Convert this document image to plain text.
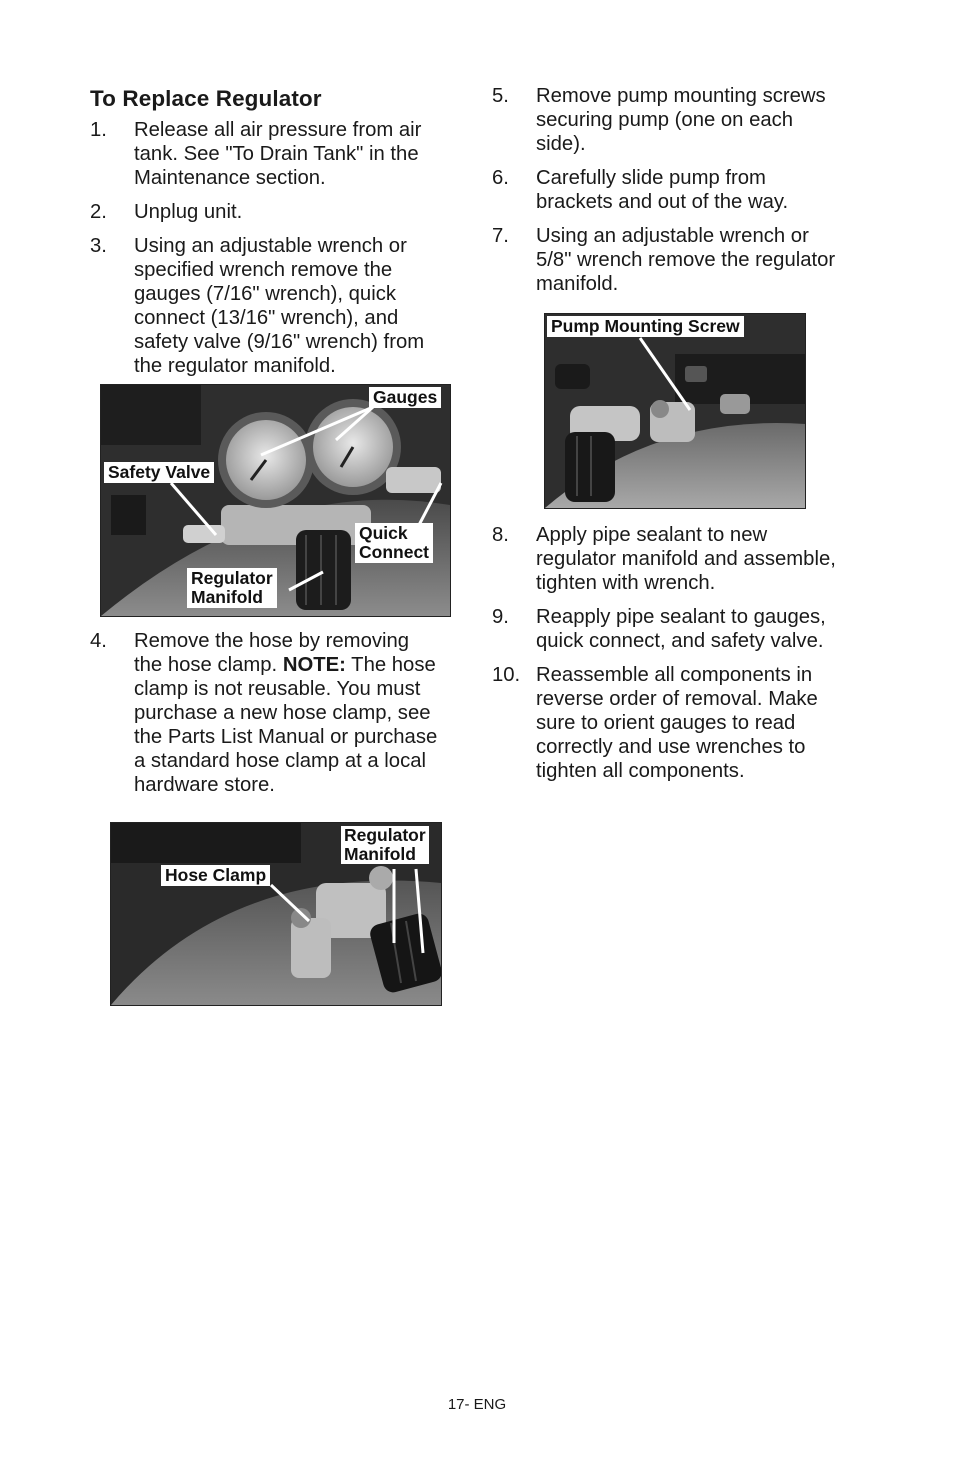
To Replace Regulator
1. Release all air pressure from air
tank. See "To Drain Tank" in the
Maintenance section.
2. Unplug unit.
3. Using an adjustable wrench or
specified wrench remove the
gauges (7/16" wrench), quick
connect (13/16" wrench), and
safety valve (9/16" wrench) from
the regulator manifold.
Gauges
Safety Valve
Quick
Connect
Regulator
Manifold
4. Remove the hose by removing
the hose clamp. NOTE: The hose
clamp is not reusable. You must
purchase a new hose clamp, see
the Parts List Manual or purchase
a standard hose clamp at a local
hardware store.
Hose Clamp
Regulator
Manifold
5. Remove pump mounting screws
securing pump (one on each
side).
6. Carefully slide pump from
brackets and out of the way.
7. Using an adjustable wrench or
5/8" wrench remove the regulator
manifold.
Pump Mounting Screw
8. Apply pipe sealant to new
regulator manifold and assemble,
tighten with wrench.
9. Reapply pipe sealant to gauges,
quick connect, and safety valve.
10. Reassemble all components in
reverse order of removal. Make
sure to orient gauges to read
correctly and use wrenches to
tighten all components.
17- ENG
